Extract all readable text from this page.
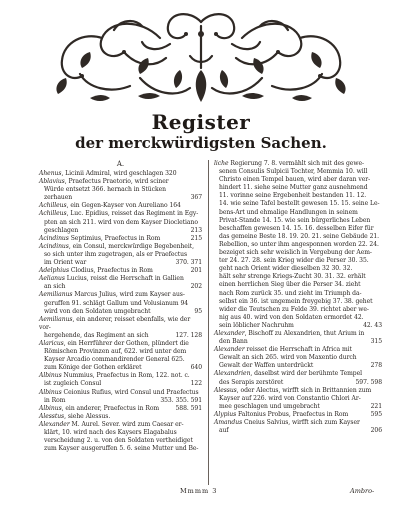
Register
der merckwürdigsten Sachen.
A.
Ahenus, Licinii Admiral, wird geschlagen 320
Ablavius, Praefectus Praetorio, wird sciner

Würde entsetzt 366. hernach in Stücken
zerhauen	367
Achilleus, ein Gegen-Kayser von Aureliano 164
Achilleus, Luc. Epidius, reisset das Regiment in Egy-

pten an sich 211. wird von dem Kayser Diocletiano
geschlagen	213
Acindinus Septimius, Praefectus in Rom	215
Acindinus, ein Consul, merckwürdige Begebenheit,

so sich unter ihm zugetragen, als er Praefectus
im Orient war	370. 371
Adelphius Clodius, Praefectus in Rom	201
Aelianus Lucius, reisst die Herrschaft in Gallien

an sich	202
Aemilianus Marcus Julius, wird zum Kayser aus-

geruffen 91. schlägt Gallum und Volusianum 94
wird von den Soldaten umgebracht	95
Aemilianus, ein anderer, reisset ebenfalls, wie der vor-

hergehende, das Regiment an sich	127. 128
Alaricus, ein Herrführer der Gothen, plündert die

Römischen Provinzen auf, 622. wird unter dem
Kayser Arcadio commandirender General 625.
zum Könige der Gothen erkläret	640
Albinus Nummius, Praefectus in Rom, 122. not. c.

ist zugleich Consul	122
Albinus Ceionius Rufius, wird Consul und Praefectus

in Rom	353. 355. 591
Albinus, ein anderer, Praefectus in Rom	588. 591
Alesstus, siehe Alessus.
Alexander M. Aurel. Sever. wird zum Caesar er-

klärt, 10. wird nach des Kaysers Elagabalus
verscheidung 2. u. von den Soldaten vertheidiget
zum Kayser ausgeruffen 5. 6. seine Mutter und Be-
liche Regierung 7. 8. vermählt sich mit des gewe-

senen Consulis Sulpicii Tochter, Memmia 10. will
Christo einen Tempel bauen, wird aber daran ver-
hindert 11. siehe seine Mutter ganz ausnehmend
11. vorinne seine Ergebenheit bestanden 11. 12.
14. wie seine Tafel bestellt gewesen 15. 15. seine Le-
bens-Art und ehmalige Handlungen in seinem
Privat-Stande 14. 15. wie sein bürgerliches Leben
beschaffen gewesen 14. 15. 16. desselben Eifer für
das gemeine Beste 18. 19. 20. 21. seine Gebäude 21.
Rebellion, so unter ihm angesponnen worden 22. 24.
bezeiget sich sehr weislich in Vergebung der Aem-
ter 24. 27. 28. sein Krieg wider die Perser 30. 35.
geht nach Orient wider dieselben 32 30. 32.
hält sehr strenge Kriegs-Zucht 30. 31. 32. erhält
einen herrlichen Sieg über die Perser 34. zieht
nach Rom zurück 35. und zieht im Triumph da-
selbst ein 36. ist ungemein freygebig 37. 38. gehet
wider die Teutschen zu Felde 39. richtet aber we-
nig aus 40. wird von den Soldaten ermordet 42.
sein löblicher Nachruhm	42. 43
Alexander, Bischoff zu Alexandrien, thut Arium in

den Bann	315
Alexander reisset die Herrschaft in Africa mit

Gewalt an sich 265. wird von Maxentio durch
Gewalt der Waffen unterdrückt	278
Alexandrien, daselbst wird der berühmte Tempel

des Serapis zerstöret	597. 598
Alessus, oder Alectus, wirfft sich in Brittannien zum

Kayser auf 226. wird von Constantio Chlori Ar-
mee geschlagen und umgebracht	221
Alypius Faltonius Probus, Praefectus in Rom	595
Amandus Cneius Salvius, wirfft sich zum Kayser

auf	206
Mmmm 3	Ambro-
